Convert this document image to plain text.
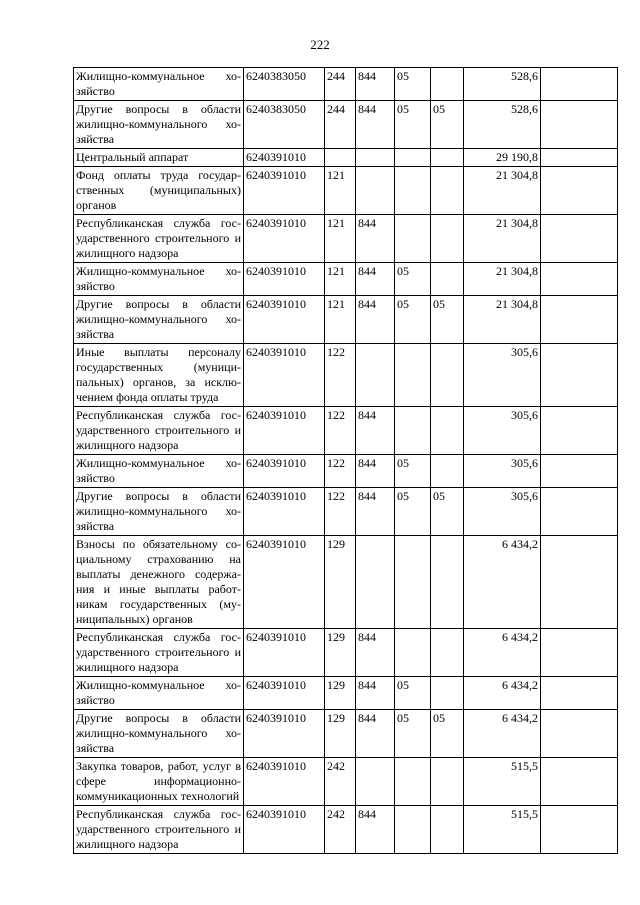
222
Жилищно-коммунальное хозяйство	6240383050	244	844	05		528,6	
Другие вопросы в области жилищно-коммунального хозяйства	6240383050	244	844	05	05	528,6	
Центральный аппарат	6240391010					29 190,8	
Фонд оплаты труда государственных (муниципальных) органов	6240391010	121				21 304,8	
Республиканская служба государственного строительного и жилищного надзора	6240391010	121	844			21 304,8	
Жилищно-коммунальное хозяйство	6240391010	121	844	05		21 304,8	
Другие вопросы в области жилищно-коммунального хозяйства	6240391010	121	844	05	05	21 304,8	
Иные выплаты персоналу государственных (муниципальных) органов, за исключением фонда оплаты труда	6240391010	122				305,6	
Республиканская служба государственного строительного и жилищного надзора	6240391010	122	844			305,6	
Жилищно-коммунальное хозяйство	6240391010	122	844	05		305,6	
Другие вопросы в области жилищно-коммунального хозяйства	6240391010	122	844	05	05	305,6	
Взносы по обязательному социальному страхованию на выплаты денежного содержания и иные выплаты работникам государственных (муниципальных) органов	6240391010	129				6 434,2	
Республиканская служба государственного строительного и жилищного надзора	6240391010	129	844			6 434,2	
Жилищно-коммунальное хозяйство	6240391010	129	844	05		6 434,2	
Другие вопросы в области жилищно-коммунального хозяйства	6240391010	129	844	05	05	6 434,2	
Закупка товаров, работ, услуг в сфере информационно-коммуникационных технологий	6240391010	242				515,5	
Республиканская служба государственного строительного и жилищного надзора	6240391010	242	844			515,5	
